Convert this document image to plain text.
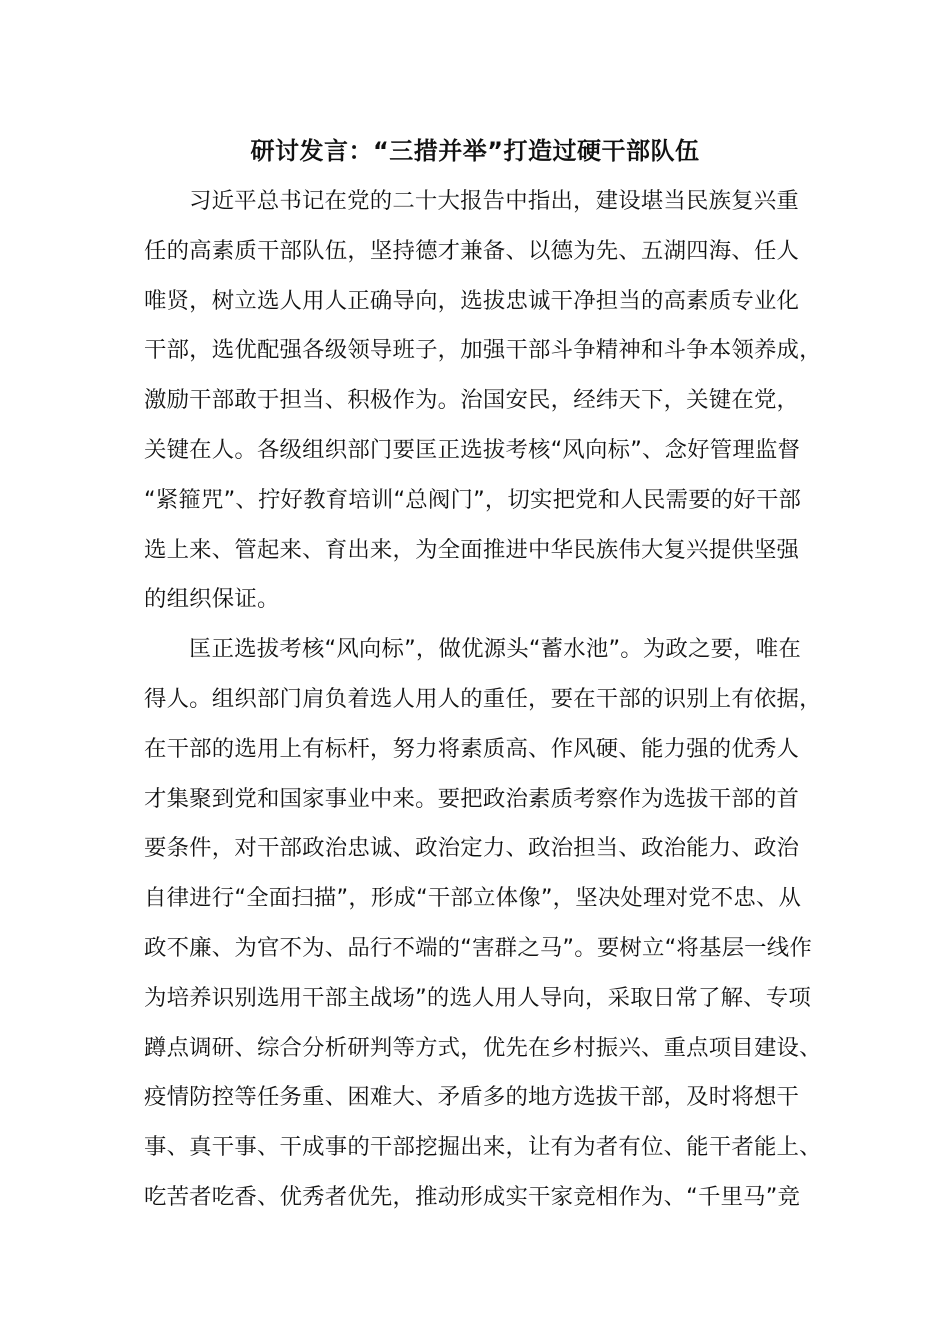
研讨发言：“三措并举”打造过硬干部队伍
习近平总书记在党的二十大报告中指出，建设堪当民族复兴重
任的高素质干部队伍，坚持德才兼备、以德为先、五湖四海、任人
唯贤，树立选人用人正确导向，选拔忠诚干净担当的高素质专业化
干部，选优配强各级领导班子，加强干部斗争精神和斗争本领养成，
激励干部敢于担当、积极作为。治国安民，经纬天下，关键在党，
关键在人。各级组织部门要匡正选拔考核“风向标”、念好管理监督
“紧箍咒”、拧好教育培训“总阀门”，切实把党和人民需要的好干部
选上来、管起来、育出来，为全面推进中华民族伟大复兴提供坚强
的组织保证。
匡正选拔考核“风向标”，做优源头“蓄水池”。为政之要，唯在
得人。组织部门肩负着选人用人的重任，要在干部的识别上有依据，
在干部的选用上有标杆，努力将素质高、作风硬、能力强的优秀人
才集聚到党和国家事业中来。要把政治素质考察作为选拔干部的首
要条件，对干部政治忠诚、政治定力、政治担当、政治能力、政治
自律进行“全面扫描”，形成“干部立体像”，坚决处理对党不忠、从
政不廉、为官不为、品行不端的“害群之马”。要树立“将基层一线作
为培养识别选用干部主战场”的选人用人导向，采取日常了解、专项
蹲点调研、综合分析研判等方式，优先在乡村振兴、重点项目建设、
疫情防控等任务重、困难大、矛盾多的地方选拔干部，及时将想干
事、真干事、干成事的干部挖掘出来，让有为者有位、能干者能上、
吃苦者吃香、优秀者优先，推动形成实干家竞相作为、“千里马”竞
